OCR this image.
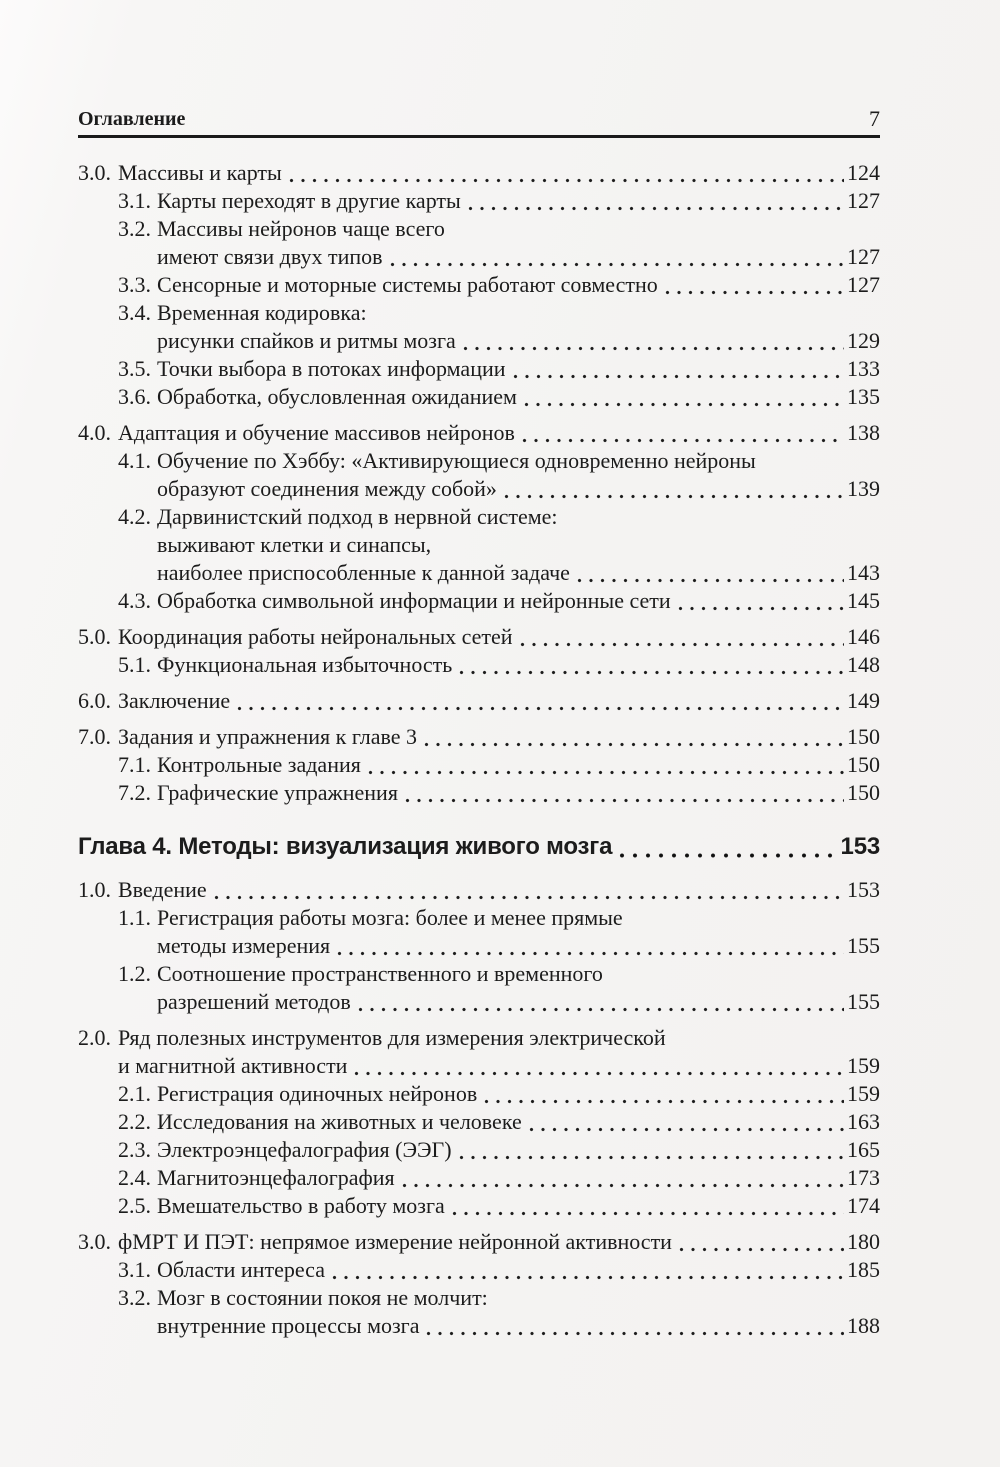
Оглавление	7
3.0. Массивы и карты	124
3.1. Карты переходят в другие карты	127
3.2. Массивы нейронов чаще всего
имеют связи двух типов	127
3.3. Сенсорные и моторные системы работают совместно	127
3.4. Временная кодировка:
рисунки спайков и ритмы мозга	129
3.5. Точки выбора в потоках информации	133
3.6. Обработка, обусловленная ожиданием	135
4.0. Адаптация и обучение массивов нейронов	138
4.1. Обучение по Хэббу: «Активирующиеся одновременно нейроны
образуют соединения между собой»	139
4.2. Дарвинистский подход в нервной системе:
выживают клетки и синапсы,
наиболее приспособленные к данной задаче	143
4.3. Обработка символьной информации и нейронные сети	145
5.0. Координация работы нейрональных сетей	146
5.1. Функциональная избыточность	148
6.0. Заключение	149
7.0. Задания и упражнения к главе 3	150
7.1. Контрольные задания	150
7.2. Графические упражнения	150
Глава 4. Методы: визуализация живого мозга	153
1.0. Введение	153
1.1. Регистрация работы мозга: более и менее прямые
методы измерения	155
1.2. Соотношение пространственного и временного
разрешений методов	155
2.0. Ряд полезных инструментов для измерения электрической
и магнитной активности	159
2.1. Регистрация одиночных нейронов	159
2.2. Исследования на животных и человеке	163
2.3. Электроэнцефалография (ЭЭГ)	165
2.4. Магнитоэнцефалография	173
2.5. Вмешательство в работу мозга	174
3.0. фМРТ И ПЭТ: непрямое измерение нейронной активности	180
3.1. Области интереса	185
3.2. Мозг в состоянии покоя не молчит:
внутренние процессы мозга	188
